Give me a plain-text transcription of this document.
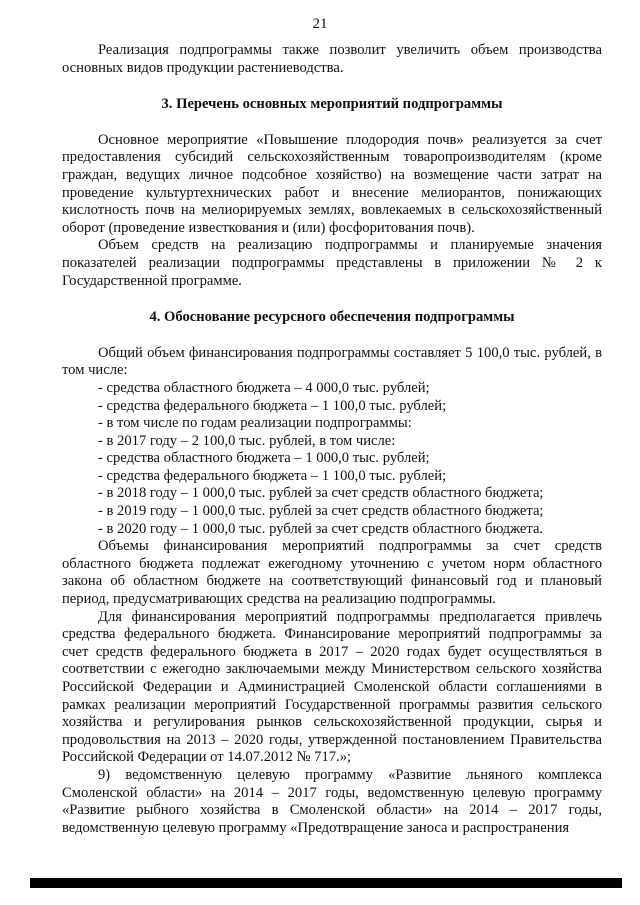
21

Реализация подпрограммы также позволит увеличить объем производства основных видов продукции растениеводства.

3. Перечень основных мероприятий подпрограммы

Основное мероприятие «Повышение плодородия почв» реализуется за счет предоставления субсидий сельскохозяйственным товаропроизводителям (кроме граждан, ведущих личное подсобное хозяйство) на возмещение части затрат на проведение культуртехнических работ и внесение мелиорантов, понижающих кислотность почв на мелиорируемых землях, вовлекаемых в сельскохозяйственный оборот (проведение известкования и (или) фосфоритования почв).

Объем средств на реализацию подпрограммы и планируемые значения показателей реализации подпрограммы представлены в приложении № 2 к Государственной программе.

4. Обоснование ресурсного обеспечения подпрограммы

Общий объем финансирования подпрограммы составляет 5 100,0 тыс. рублей, в том числе:

- средства областного бюджета – 4 000,0 тыс. рублей;

- средства федерального бюджета – 1 100,0 тыс. рублей;

- в том числе по годам реализации подпрограммы:

- в 2017 году – 2 100,0 тыс. рублей, в том числе:

- средства областного бюджета – 1 000,0 тыс. рублей;

- средства федерального бюджета – 1 100,0 тыс. рублей;

- в 2018 году – 1 000,0 тыс. рублей за счет средств областного бюджета;

- в 2019 году – 1 000,0 тыс. рублей за счет средств областного бюджета;

- в 2020 году – 1 000,0 тыс. рублей за счет средств областного бюджета.

Объемы финансирования мероприятий подпрограммы за счет средств областного бюджета подлежат ежегодному уточнению с учетом норм областного закона об областном бюджете на соответствующий финансовый год и плановый период, предусматривающих средства на реализацию подпрограммы.

Для финансирования мероприятий подпрограммы предполагается привлечь средства федерального бюджета. Финансирование мероприятий подпрограммы за счет средств федерального бюджета в 2017 – 2020 годах будет осуществляться в соответствии с ежегодно заключаемыми между Министерством сельского хозяйства Российской Федерации и Администрацией Смоленской области соглашениями в рамках реализации мероприятий Государственной программы развития сельского хозяйства и регулирования рынков сельскохозяйственной продукции, сырья и продовольствия на 2013 – 2020 годы, утвержденной постановлением Правительства Российской Федерации от 14.07.2012 № 717.»;

9) ведомственную целевую программу «Развитие льняного комплекса Смоленской области» на 2014 – 2017 годы, ведомственную целевую программу «Развитие рыбного хозяйства в Смоленской области» на 2014 – 2017 годы, ведомственную целевую программу «Предотвращение заноса и распространения
